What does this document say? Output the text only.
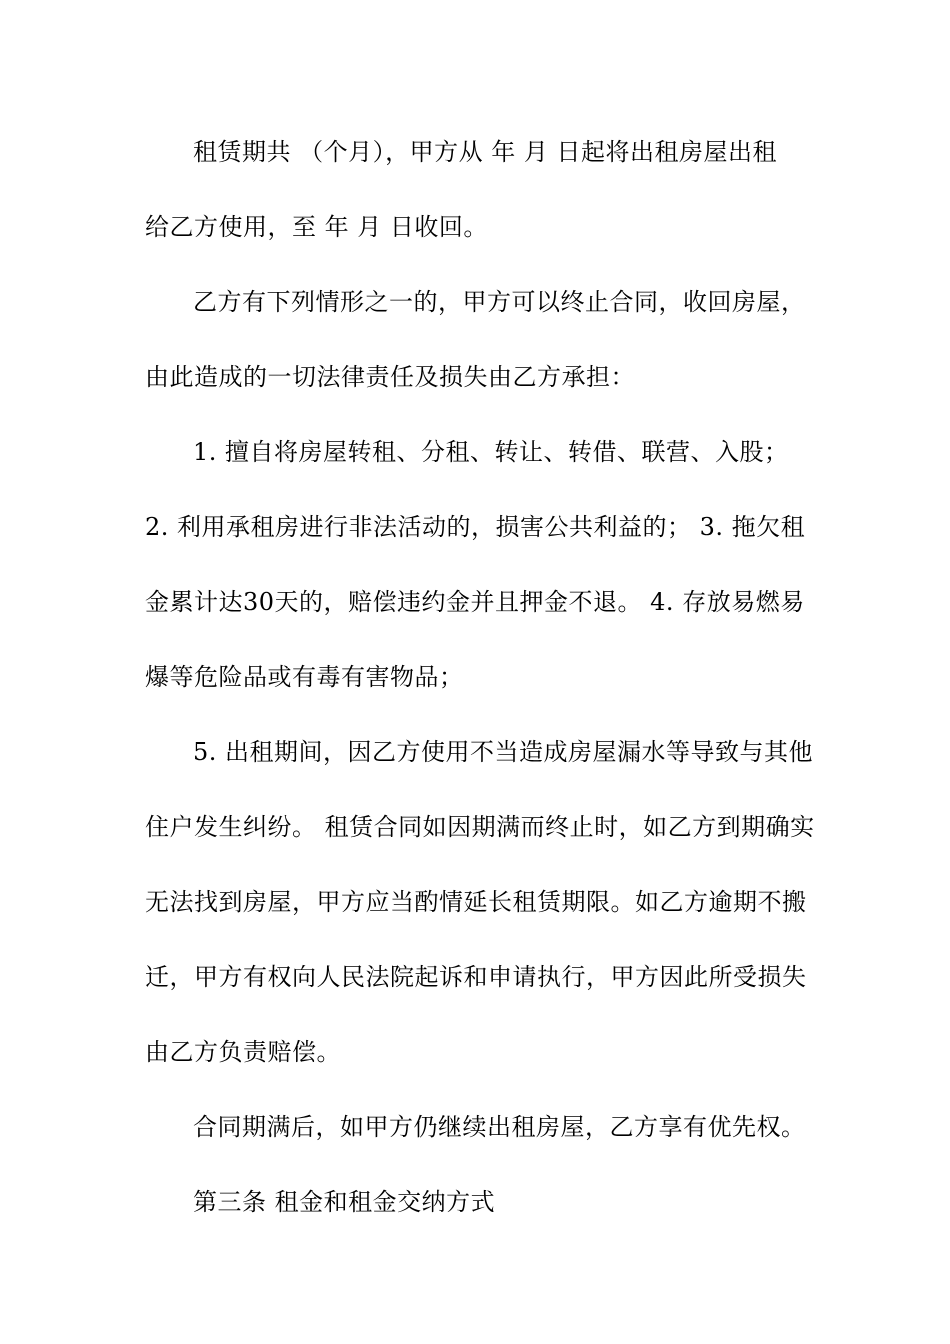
租赁期共 （个月），甲方从 年 月 日起将出租房屋出租
给乙方使用，至 年 月 日收回。
乙方有下列情形之一的，甲方可以终止合同，收回房屋，
由此造成的一切法律责任及损失由乙方承担：
1. 擅自将房屋转租、分租、转让、转借、联营、入股；
2. 利用承租房进行非法活动的，损害公共利益的； 3. 拖欠租
金累计达30天的，赔偿违约金并且押金不退。 4. 存放易燃易
爆等危险品或有毒有害物品；
5. 出租期间，因乙方使用不当造成房屋漏水等导致与其他
住户发生纠纷。 租赁合同如因期满而终止时，如乙方到期确实
无法找到房屋，甲方应当酌情延长租赁期限。如乙方逾期不搬
迁，甲方有权向人民法院起诉和申请执行，甲方因此所受损失
由乙方负责赔偿。
合同期满后，如甲方仍继续出租房屋，乙方享有优先权。
第三条 租金和租金交纳方式
